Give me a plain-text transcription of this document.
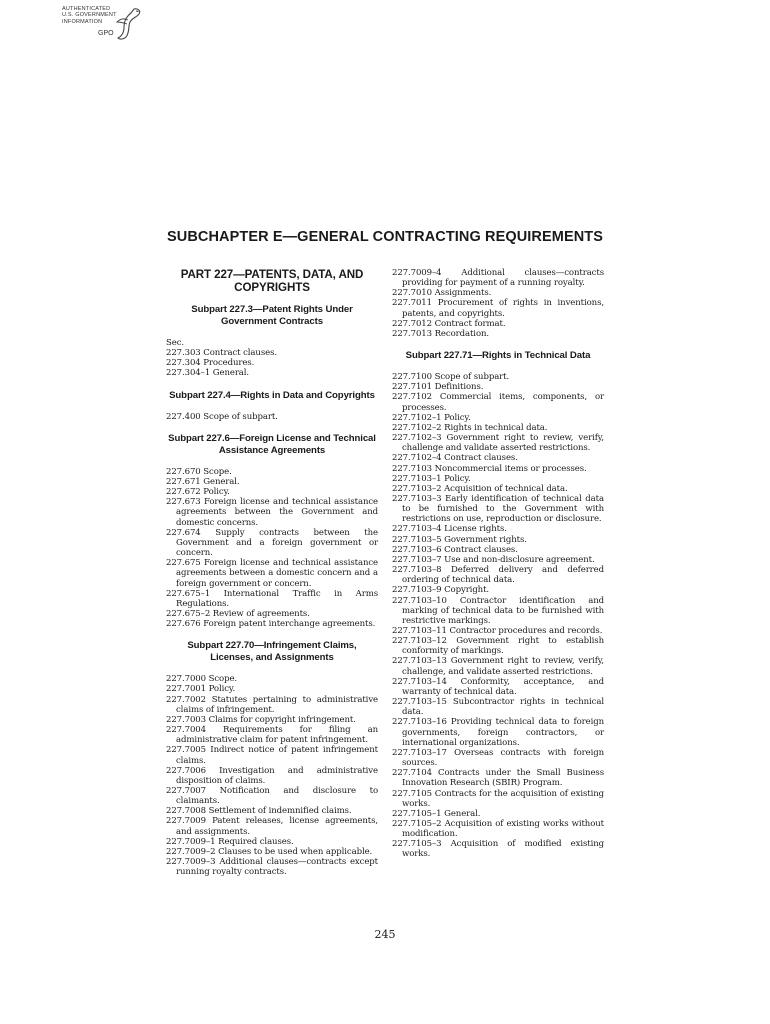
AUTHENTICATED
U.S. GOVERNMENT
INFORMATION
GPO
SUBCHAPTER E—GENERAL CONTRACTING REQUIREMENTS
PART 227—PATENTS, DATA, AND COPYRIGHTS
Subpart 227.3—Patent Rights Under Government Contracts
Sec.
227.303 Contract clauses.
227.304 Procedures.
227.304–1 General.
Subpart 227.4—Rights in Data and Copyrights
227.400 Scope of subpart.
Subpart 227.6—Foreign License and Technical Assistance Agreements
227.670 Scope.
227.671 General.
227.672 Policy.
227.673 Foreign license and technical assistance agreements between the Government and domestic concerns.
227.674 Supply contracts between the Government and a foreign government or concern.
227.675 Foreign license and technical assistance agreements between a domestic concern and a foreign government or concern.
227.675–1 International Traffic in Arms Regulations.
227.675–2 Review of agreements.
227.676 Foreign patent interchange agreements.
Subpart 227.70—Infringement Claims, Licenses, and Assignments
227.7000 Scope.
227.7001 Policy.
227.7002 Statutes pertaining to administrative claims of infringement.
227.7003 Claims for copyright infringement.
227.7004 Requirements for filing an administrative claim for patent infringement.
227.7005 Indirect notice of patent infringement claims.
227.7006 Investigation and administrative disposition of claims.
227.7007 Notification and disclosure to claimants.
227.7008 Settlement of indemnified claims.
227.7009 Patent releases, license agreements, and assignments.
227.7009–1 Required clauses.
227.7009–2 Clauses to be used when applicable.
227.7009–3 Additional clauses—contracts except running royalty contracts.
227.7009–4 Additional clauses—contracts providing for payment of a running royalty.
227.7010 Assignments.
227.7011 Procurement of rights in inventions, patents, and copyrights.
227.7012 Contract format.
227.7013 Recordation.
Subpart 227.71—Rights in Technical Data
227.7100 Scope of subpart.
227.7101 Definitions.
227.7102 Commercial items, components, or processes.
227.7102–1 Policy.
227.7102–2 Rights in technical data.
227.7102–3 Government right to review, verify, challenge and validate asserted restrictions.
227.7102–4 Contract clauses.
227.7103 Noncommercial items or processes.
227.7103–1 Policy.
227.7103–2 Acquisition of technical data.
227.7103–3 Early identification of technical data to be furnished to the Government with restrictions on use, reproduction or disclosure.
227.7103–4 License rights.
227.7103–5 Government rights.
227.7103–6 Contract clauses.
227.7103–7 Use and non-disclosure agreement.
227.7103–8 Deferred delivery and deferred ordering of technical data.
227.7103–9 Copyright.
227.7103–10 Contractor identification and marking of technical data to be furnished with restrictive markings.
227.7103–11 Contractor procedures and records.
227.7103–12 Government right to establish conformity of markings.
227.7103–13 Government right to review, verify, challenge, and validate asserted restrictions.
227.7103–14 Conformity, acceptance, and warranty of technical data.
227.7103–15 Subcontractor rights in technical data.
227.7103–16 Providing technical data to foreign governments, foreign contractors, or international organizations.
227.7103–17 Overseas contracts with foreign sources.
227.7104 Contracts under the Small Business Innovation Research (SBIR) Program.
227.7105 Contracts for the acquisition of existing works.
227.7105–1 General.
227.7105–2 Acquisition of existing works without modification.
227.7105–3 Acquisition of modified existing works.
245
